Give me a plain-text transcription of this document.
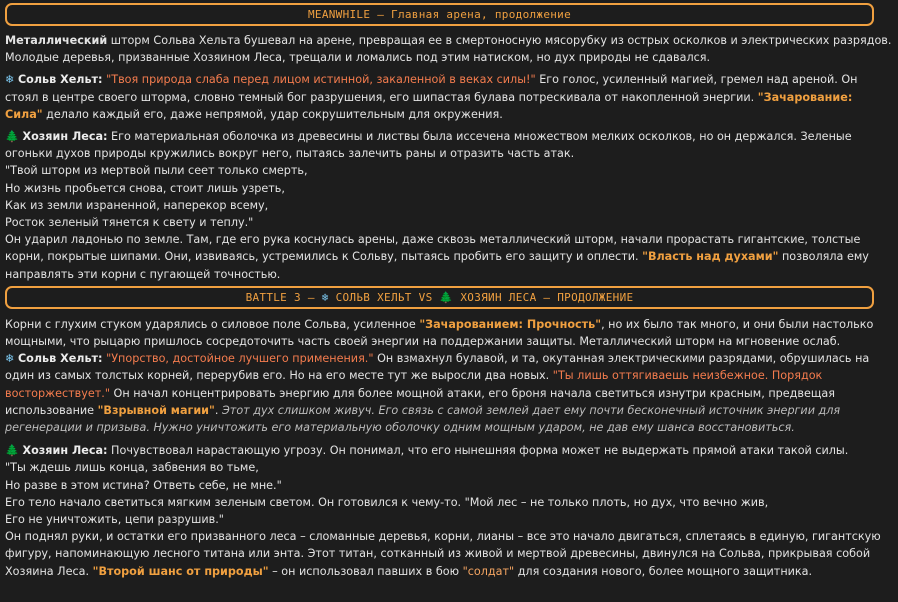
MEANWHILE – Главная арена, продолжение

Металлический шторм Сольва Хельта бушевал на арене, превращая ее в смертоносную мясорубку из острых осколков и электрических разрядов. Молодые деревья, призванные Хозяином Леса, трещали и ломались под этим натиском, но дух природы не сдавался.

❄ Сольв Хельт: "Твоя природа слаба перед лицом истинной, закаленной в веках силы!" Его голос, усиленный магией, гремел над ареной. Он стоял в центре своего шторма, словно темный бог разрушения, его шипастая булава потрескивала от накопленной энергии. "Зачарование: Сила" делало каждый его, даже непрямой, удар сокрушительным для окружения.

🌲 Хозяин Леса: Его материальная оболочка из древесины и листвы была иссечена множеством мелких осколков, но он держался. Зеленые огоньки духов природы кружились вокруг него, пытаясь залечить раны и отразить часть атак.

"Твой шторм из мертвой пыли сеет только смерть,

Но жизнь пробьется снова, стоит лишь узреть,

Как из земли израненной, наперекор всему,

Росток зеленый тянется к свету и теплу."

Он ударил ладонью по земле. Там, где его рука коснулась арены, даже сквозь металлический шторм, начали прорастать гигантские, толстые корни, покрытые шипами. Они, извиваясь, устремились к Сольву, пытаясь пробить его защиту и оплести. "Власть над духами" позволяла ему направлять эти корни с пугающей точностью.

BATTLE 3 – ❄ СОЛЬВ ХЕЛЬТ VS 🌲 ХОЗЯИН ЛЕСА – ПРОДОЛЖЕНИЕ

Корни с глухим стуком ударялись о силовое поле Сольва, усиленное "Зачарованием: Прочность", но их было так много, и они были настолько мощными, что рыцарю пришлось сосредоточить часть своей энергии на поддержании защиты. Металлический шторм на мгновение ослаб.

❄ Сольв Хельт: "Упорство, достойное лучшего применения." Он взмахнул булавой, и та, окутанная электрическими разрядами, обрушилась на один из самых толстых корней, перерубив его. Но на его месте тут же выросли два новых. "Ты лишь оттягиваешь неизбежное. Порядок восторжествует." Он начал концентрировать энергию для более мощной атаки, его броня начала светиться изнутри красным, предвещая использование "Взрывной магии". Этот дух слишком живуч. Его связь с самой землей дает ему почти бесконечный источник энергии для регенерации и призыва. Нужно уничтожить его материальную оболочку одним мощным ударом, не дав ему шанса восстановиться.

🌲 Хозяин Леса: Почувствовал нарастающую угрозу. Он понимал, что его нынешняя форма может не выдержать прямой атаки такой силы.

"Ты ждешь лишь конца, забвения во тьме,

Но разве в этом истина? Ответь себе, не мне."

Его тело начало светиться мягким зеленым светом. Он готовился к чему-то. "Мой лес – не только плоть, но дух, что вечно жив,

Его не уничтожить, цепи разрушив."

Он поднял руки, и остатки его призванного леса – сломанные деревья, корни, лианы – все это начало двигаться, сплетаясь в единую, гигантскую фигуру, напоминающую лесного титана или энта. Этот титан, сотканный из живой и мертвой древесины, двинулся на Сольва, прикрывая собой Хозяина Леса. "Второй шанс от природы" – он использовал павших в бою "солдат" для создания нового, более мощного защитника.
